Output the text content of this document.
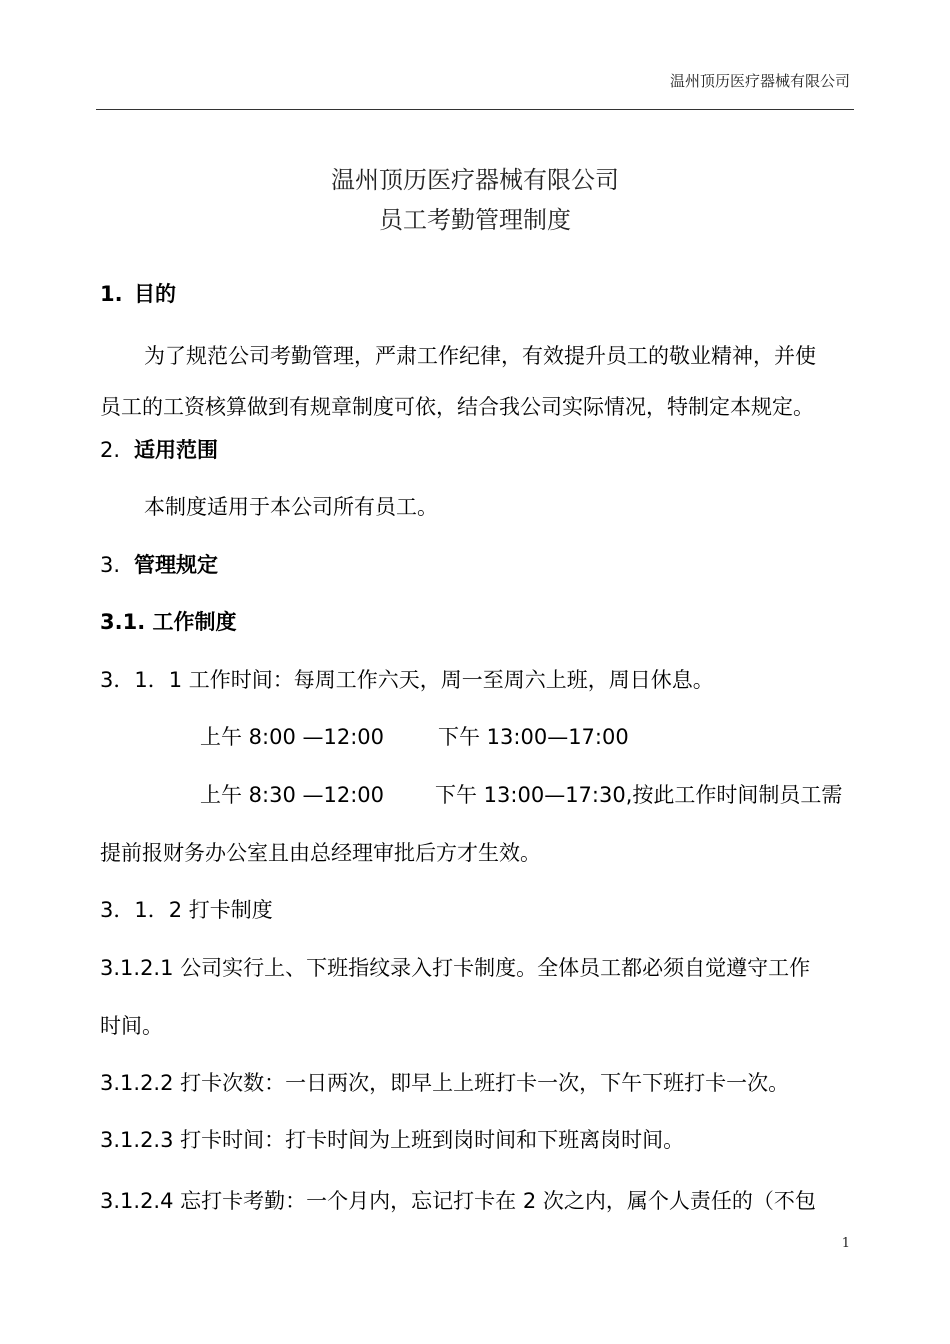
温州顶历医疗器械有限公司
温州顶历医疗器械有限公司
员工考勤管理制度
1. 目的
为了规范公司考勤管理，严肃工作纪律，有效提升员工的敬业精神，并使
员工的工资核算做到有规章制度可依，结合我公司实际情况，特制定本规定。
2. 适用范围
本制度适用于本公司所有员工。
3. 管理规定
3.1. 工作制度
3．1．1 工作时间：每周工作六天，周一至周六上班，周日休息。
上午 8:00 —12:00	下午 13:00—17:00
上午 8:30 —12:00 下午 13:00—17:30,按此工作时间制员工需
提前报财务办公室且由总经理审批后方才生效。
3．1．2 打卡制度
3.1.2.1 公司实行上、下班指纹录入打卡制度。全体员工都必须自觉遵守工作
时间。
3.1.2.2 打卡次数：一日两次，即早上上班打卡一次，下午下班打卡一次。
3.1.2.3 打卡时间：打卡时间为上班到岗时间和下班离岗时间。
3.1.2.4 忘打卡考勤：一个月内，忘记打卡在 2 次之内，属个人责任的（不包
1
